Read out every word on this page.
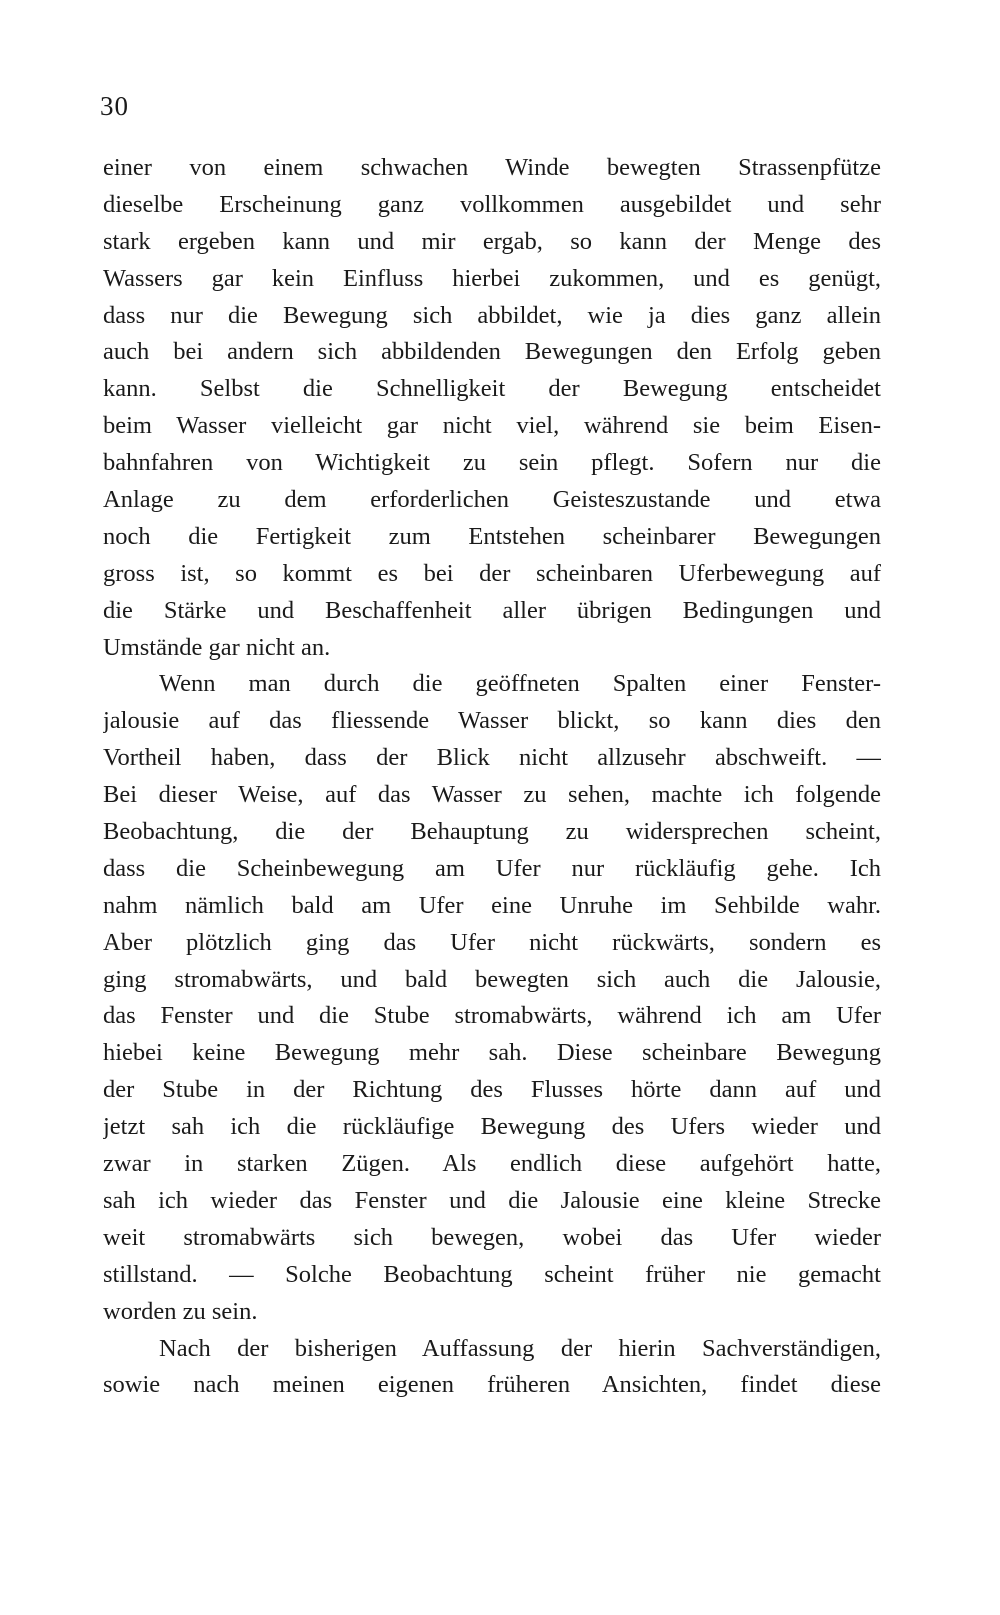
30
einer von einem schwachen Winde bewegten Strassenpfütze
dieselbe Erscheinung ganz vollkommen ausgebildet und sehr
stark ergeben kann und mir ergab, so kann der Menge des
Wassers gar kein Einfluss hierbei zukommen, und es genügt,
dass nur die Bewegung sich abbildet, wie ja dies ganz allein
auch bei andern sich abbildenden Bewegungen den Erfolg geben
kann. Selbst die Schnelligkeit der Bewegung entscheidet
beim Wasser vielleicht gar nicht viel, während sie beim Eisen-
bahnfahren von Wichtigkeit zu sein pflegt. Sofern nur die
Anlage zu dem erforderlichen Geisteszustande und etwa
noch die Fertigkeit zum Entstehen scheinbarer Bewegungen
gross ist, so kommt es bei der scheinbaren Uferbewegung auf
die Stärke und Beschaffenheit aller übrigen Bedingungen und
Umstände gar nicht an.
Wenn man durch die geöffneten Spalten einer Fenster-
jalousie auf das fliessende Wasser blickt, so kann dies den
Vortheil haben, dass der Blick nicht allzusehr abschweift. —
Bei dieser Weise, auf das Wasser zu sehen, machte ich folgende
Beobachtung, die der Behauptung zu widersprechen scheint,
dass die Scheinbewegung am Ufer nur rückläufig gehe. Ich
nahm nämlich bald am Ufer eine Unruhe im Sehbilde wahr.
Aber plötzlich ging das Ufer nicht rückwärts, sondern es
ging stromabwärts, und bald bewegten sich auch die Jalousie,
das Fenster und die Stube stromabwärts, während ich am Ufer
hiebei keine Bewegung mehr sah. Diese scheinbare Bewegung
der Stube in der Richtung des Flusses hörte dann auf und
jetzt sah ich die rückläufige Bewegung des Ufers wieder und
zwar in starken Zügen. Als endlich diese aufgehört hatte,
sah ich wieder das Fenster und die Jalousie eine kleine Strecke
weit stromabwärts sich bewegen, wobei das Ufer wieder
stillstand. — Solche Beobachtung scheint früher nie gemacht
worden zu sein.
Nach der bisherigen Auffassung der hierin Sachverständigen,
sowie nach meinen eigenen früheren Ansichten, findet diese
